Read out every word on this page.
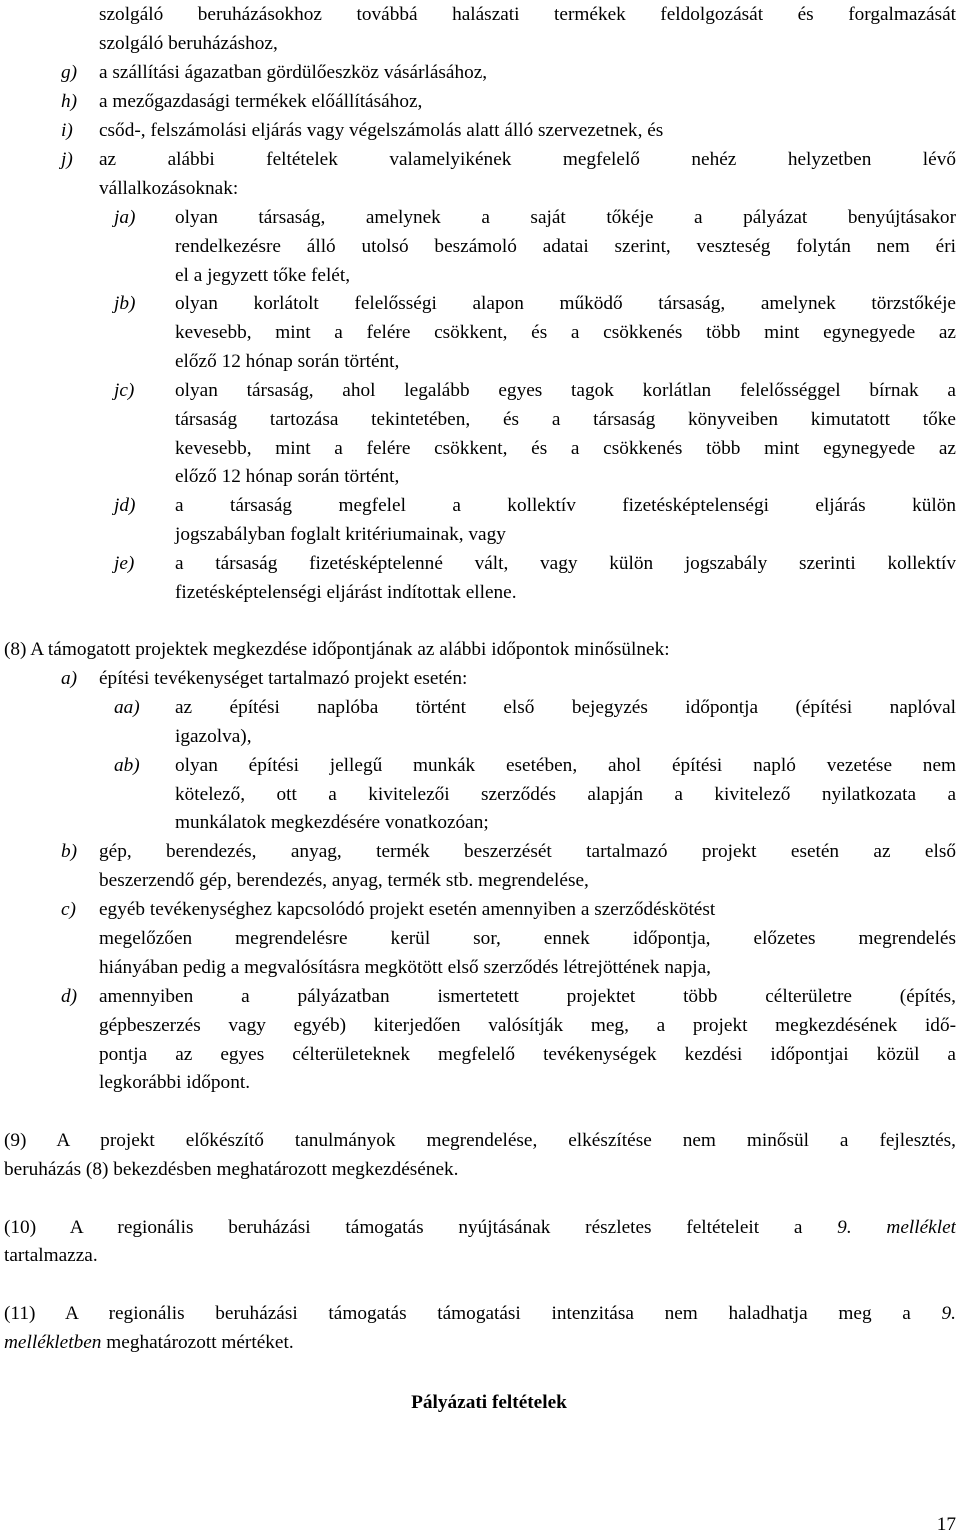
szolgáló beruházásokhoz továbbá halászati termékek feldolgozását és forgalmazását
szolgáló beruházáshoz,
g) a szállítási ágazatban gördülőeszköz vásárlásához,
h) a mezőgazdasági termékek előállításához,
i) csőd-, felszámolási eljárás vagy végelszámolás alatt álló szervezetnek, és
j) az alábbi feltételek valamelyikének megfelelő nehéz helyzetben lévő
vállalkozásoknak:
ja) olyan társaság, amelynek a saját tőkéje a pályázat benyújtásakor
rendelkezésre álló utolsó beszámoló adatai szerint, veszteség folytán nem éri
el a jegyzett tőke felét,
jb) olyan korlátolt felelősségi alapon működő társaság, amelynek törzstőkéje
kevesebb, mint a felére csökkent, és a csökkenés több mint egynegyede az
előző 12 hónap során történt,
jc) olyan társaság, ahol legalább egyes tagok korlátlan felelősséggel bírnak a
társaság tartozása tekintetében, és a társaság könyveiben kimutatott tőke
kevesebb, mint a felére csökkent, és a csökkenés több mint egynegyede az
előző 12 hónap során történt,
jd) a társaság megfelel a kollektív fizetésképtelenségi eljárás külön
jogszabályban foglalt kritériumainak, vagy
je) a társaság fizetésképtelenné vált, vagy külön jogszabály szerinti kollektív
fizetésképtelenségi eljárást indítottak ellene.
(8) A támogatott projektek megkezdése időpontjának az alábbi időpontok minősülnek:
a) építési tevékenységet tartalmazó projekt esetén:
aa) az építési naplóba történt első bejegyzés időpontja (építési naplóval
igazolva),
ab) olyan építési jellegű munkák esetében, ahol építési napló vezetése nem
kötelező, ott a kivitelezői szerződés alapján a kivitelező nyilatkozata a
munkálatok megkezdésére vonatkozóan;
b) gép, berendezés, anyag, termék beszerzését tartalmazó projekt esetén az első
beszerzendő gép, berendezés, anyag, termék stb. megrendelése,
c) egyéb tevékenységhez kapcsolódó projekt esetén amennyiben a szerződéskötést
megelőzően megrendelésre kerül sor, ennek időpontja, előzetes megrendelés
hiányában pedig a megvalósításra megkötött első szerződés létrejöttének napja,
d) amennyiben a pályázatban ismertetett projektet több célterületre (építés,
gépbeszerzés vagy egyéb) kiterjedően valósítják meg, a projekt megkezdésének idő-
pontja az egyes célterületeknek megfelelő tevékenységek kezdési időpontjai közül a
legkorábbi időpont.
(9) A projekt előkészítő tanulmányok megrendelése, elkészítése nem minősül a fejlesztés,
beruházás (8) bekezdésben meghatározott megkezdésének.
(10) A regionális beruházási támogatás nyújtásának részletes feltételeit a 9. melléklet
tartalmazza.
(11) A regionális beruházási támogatás támogatási intenzitása nem haladhatja meg a 9.
mellékletben meghatározott mértéket.
Pályázati feltételek
17
